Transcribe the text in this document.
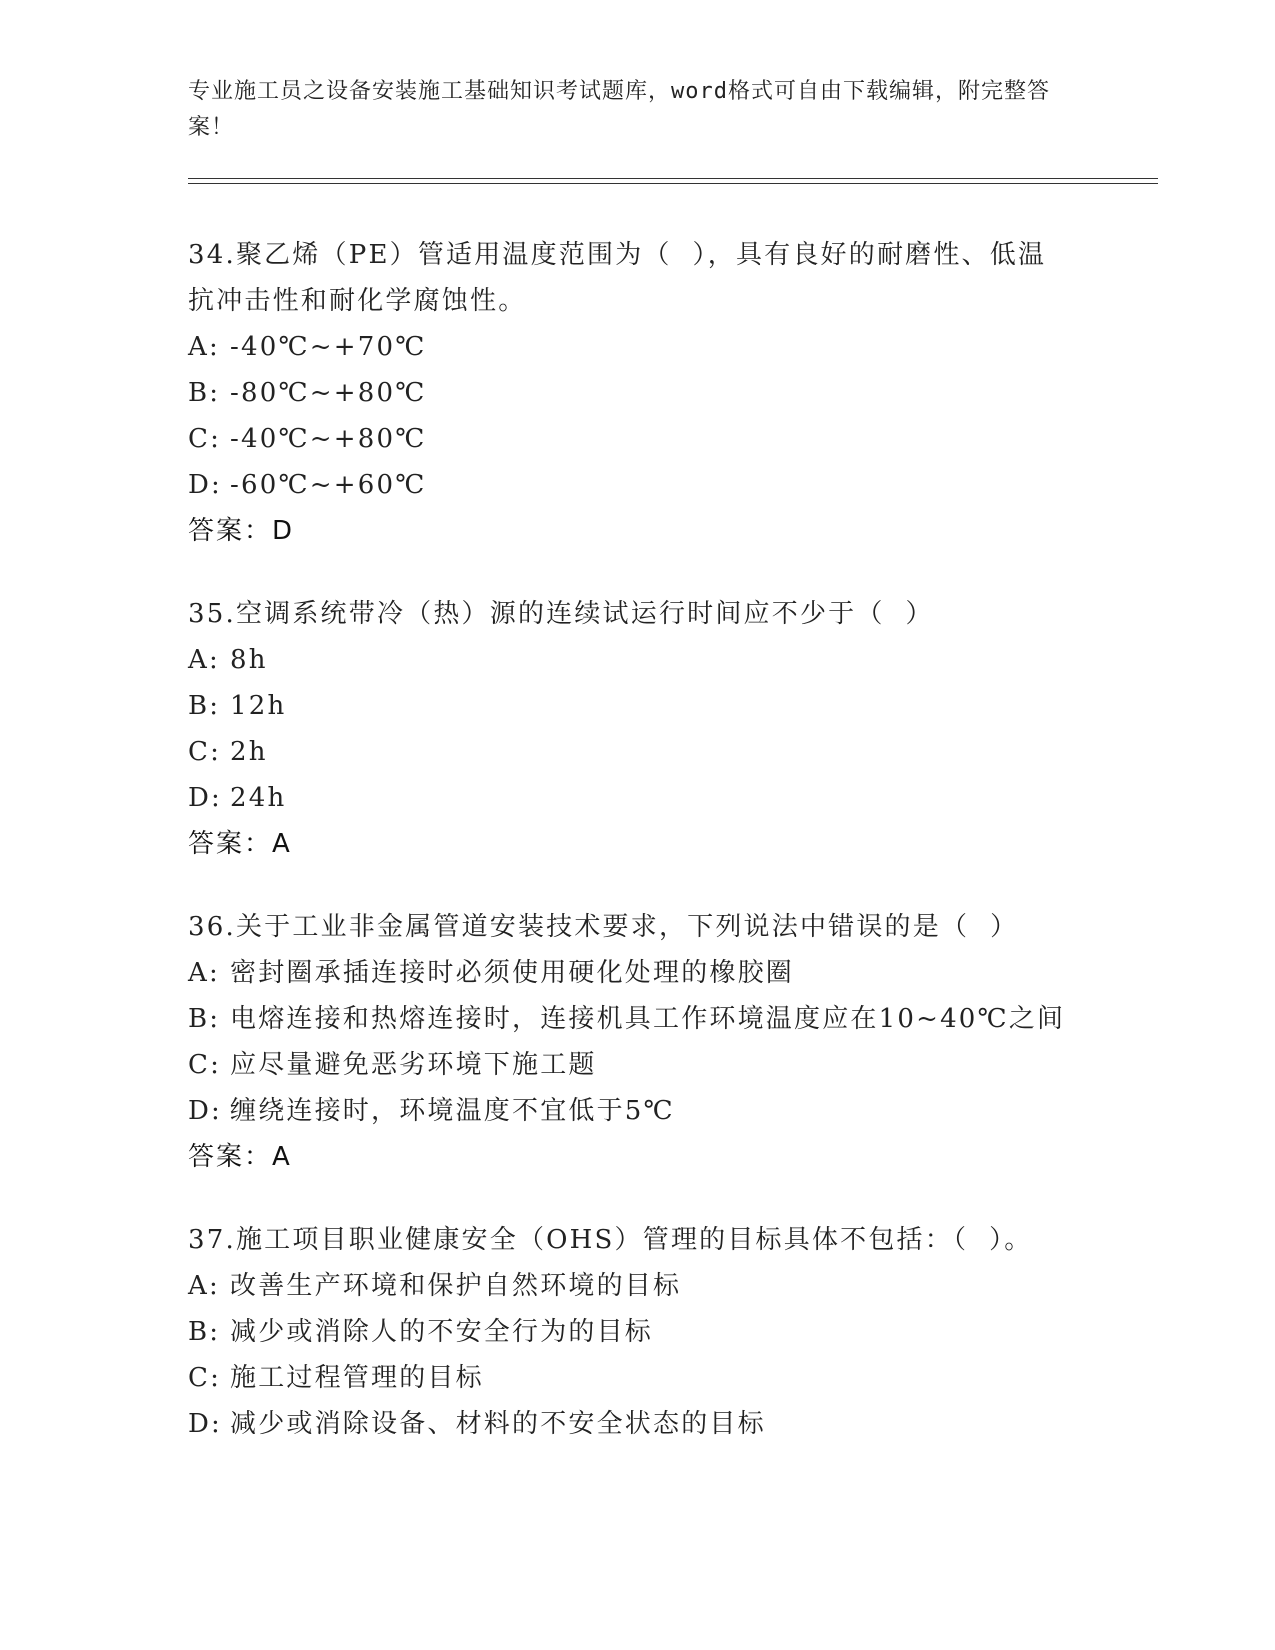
专业施工员之设备安装施工基础知识考试题库，word格式可自由下载编辑，附完整答案！
34.聚乙烯（PE）管适用温度范围为（  ），具有良好的耐磨性、低温抗冲击性和耐化学腐蚀性。
A: -40℃~+70℃
B: -80℃~+80℃
C: -40℃~+80℃
D: -60℃~+60℃
答案：D
35.空调系统带冷（热）源的连续试运行时间应不少于（  ）
A: 8h
B: 12h
C: 2h
D: 24h
答案：A
36.关于工业非金属管道安装技术要求，下列说法中错误的是（  ）
A: 密封圈承插连接时必须使用硬化处理的橡胶圈
B: 电熔连接和热熔连接时，连接机具工作环境温度应在10~40℃之间
C: 应尽量避免恶劣环境下施工题
D: 缠绕连接时，环境温度不宜低于5℃
答案：A
37.施工项目职业健康安全（OHS）管理的目标具体不包括：（  ）。
A: 改善生产环境和保护自然环境的目标
B: 减少或消除人的不安全行为的目标
C: 施工过程管理的目标
D: 减少或消除设备、材料的不安全状态的目标
